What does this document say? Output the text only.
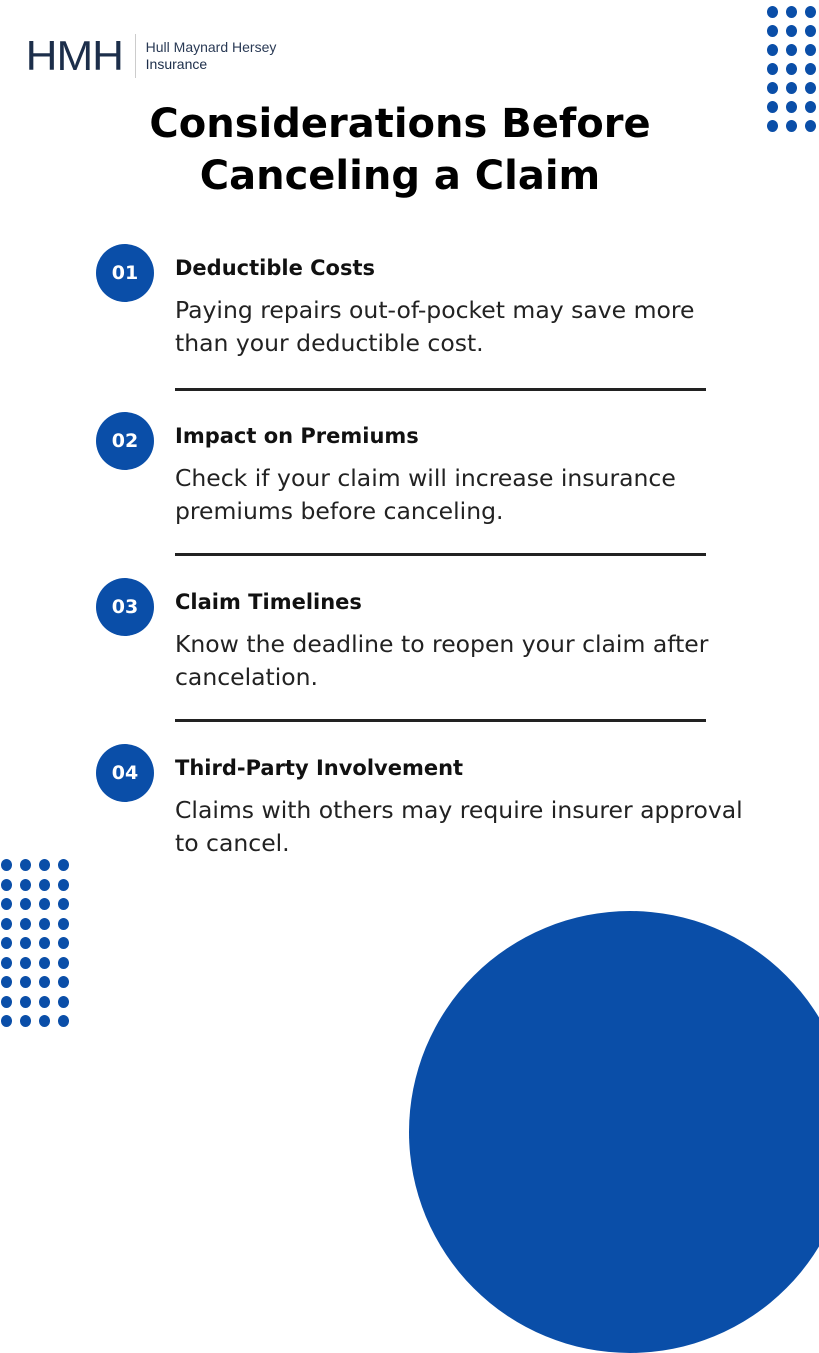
HMH Hull Maynard Hersey
Insurance
Considerations Before
Canceling a Claim
01	Deductible Costs
Paying repairs out-of-pocket may save more than your deductible cost.
02	Impact on Premiums
Check if your claim will increase insurance premiums before canceling.
03	Claim Timelines
Know the deadline to reopen your claim after cancelation.
04	Third-Party Involvement
Claims with others may require insurer approval to cancel.
